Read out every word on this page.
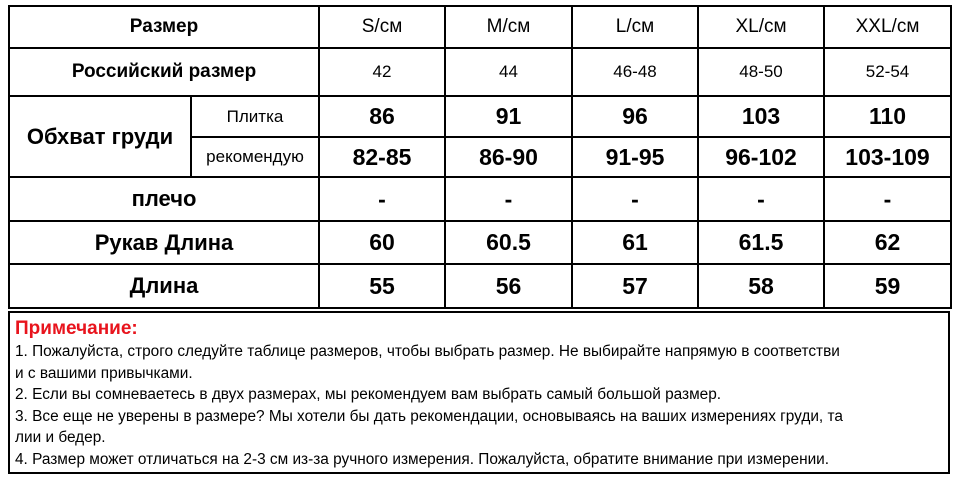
Размер		S/см	M/см	L/см	XL/см	XXL/см
Российский размер		42	44	46-48	48-50	52-54
Обхват груди	Плитка	86	91	96	103	110
	рекомендую	82-85	86-90	91-95	96-102	103-109
плечо		-	-	-	-	-
Рукав Длина		60	60.5	61	61.5	62
Длина		55	56	57	58	59
Примечание:
1. Пожалуйста, строго следуйте таблице размеров, чтобы выбрать размер. Не выбирайте напрямую в соответстви
и с вашими привычками.
2. Если вы сомневаетесь в двух размерах, мы рекомендуем вам выбрать самый большой размер.
3. Все еще не уверены в размере? Мы хотели бы дать рекомендации, основываясь на ваших измерениях груди, та
лии и бедер.
4. Размер может отличаться на 2-3 см из-за ручного измерения. Пожалуйста, обратите внимание при измерении.
